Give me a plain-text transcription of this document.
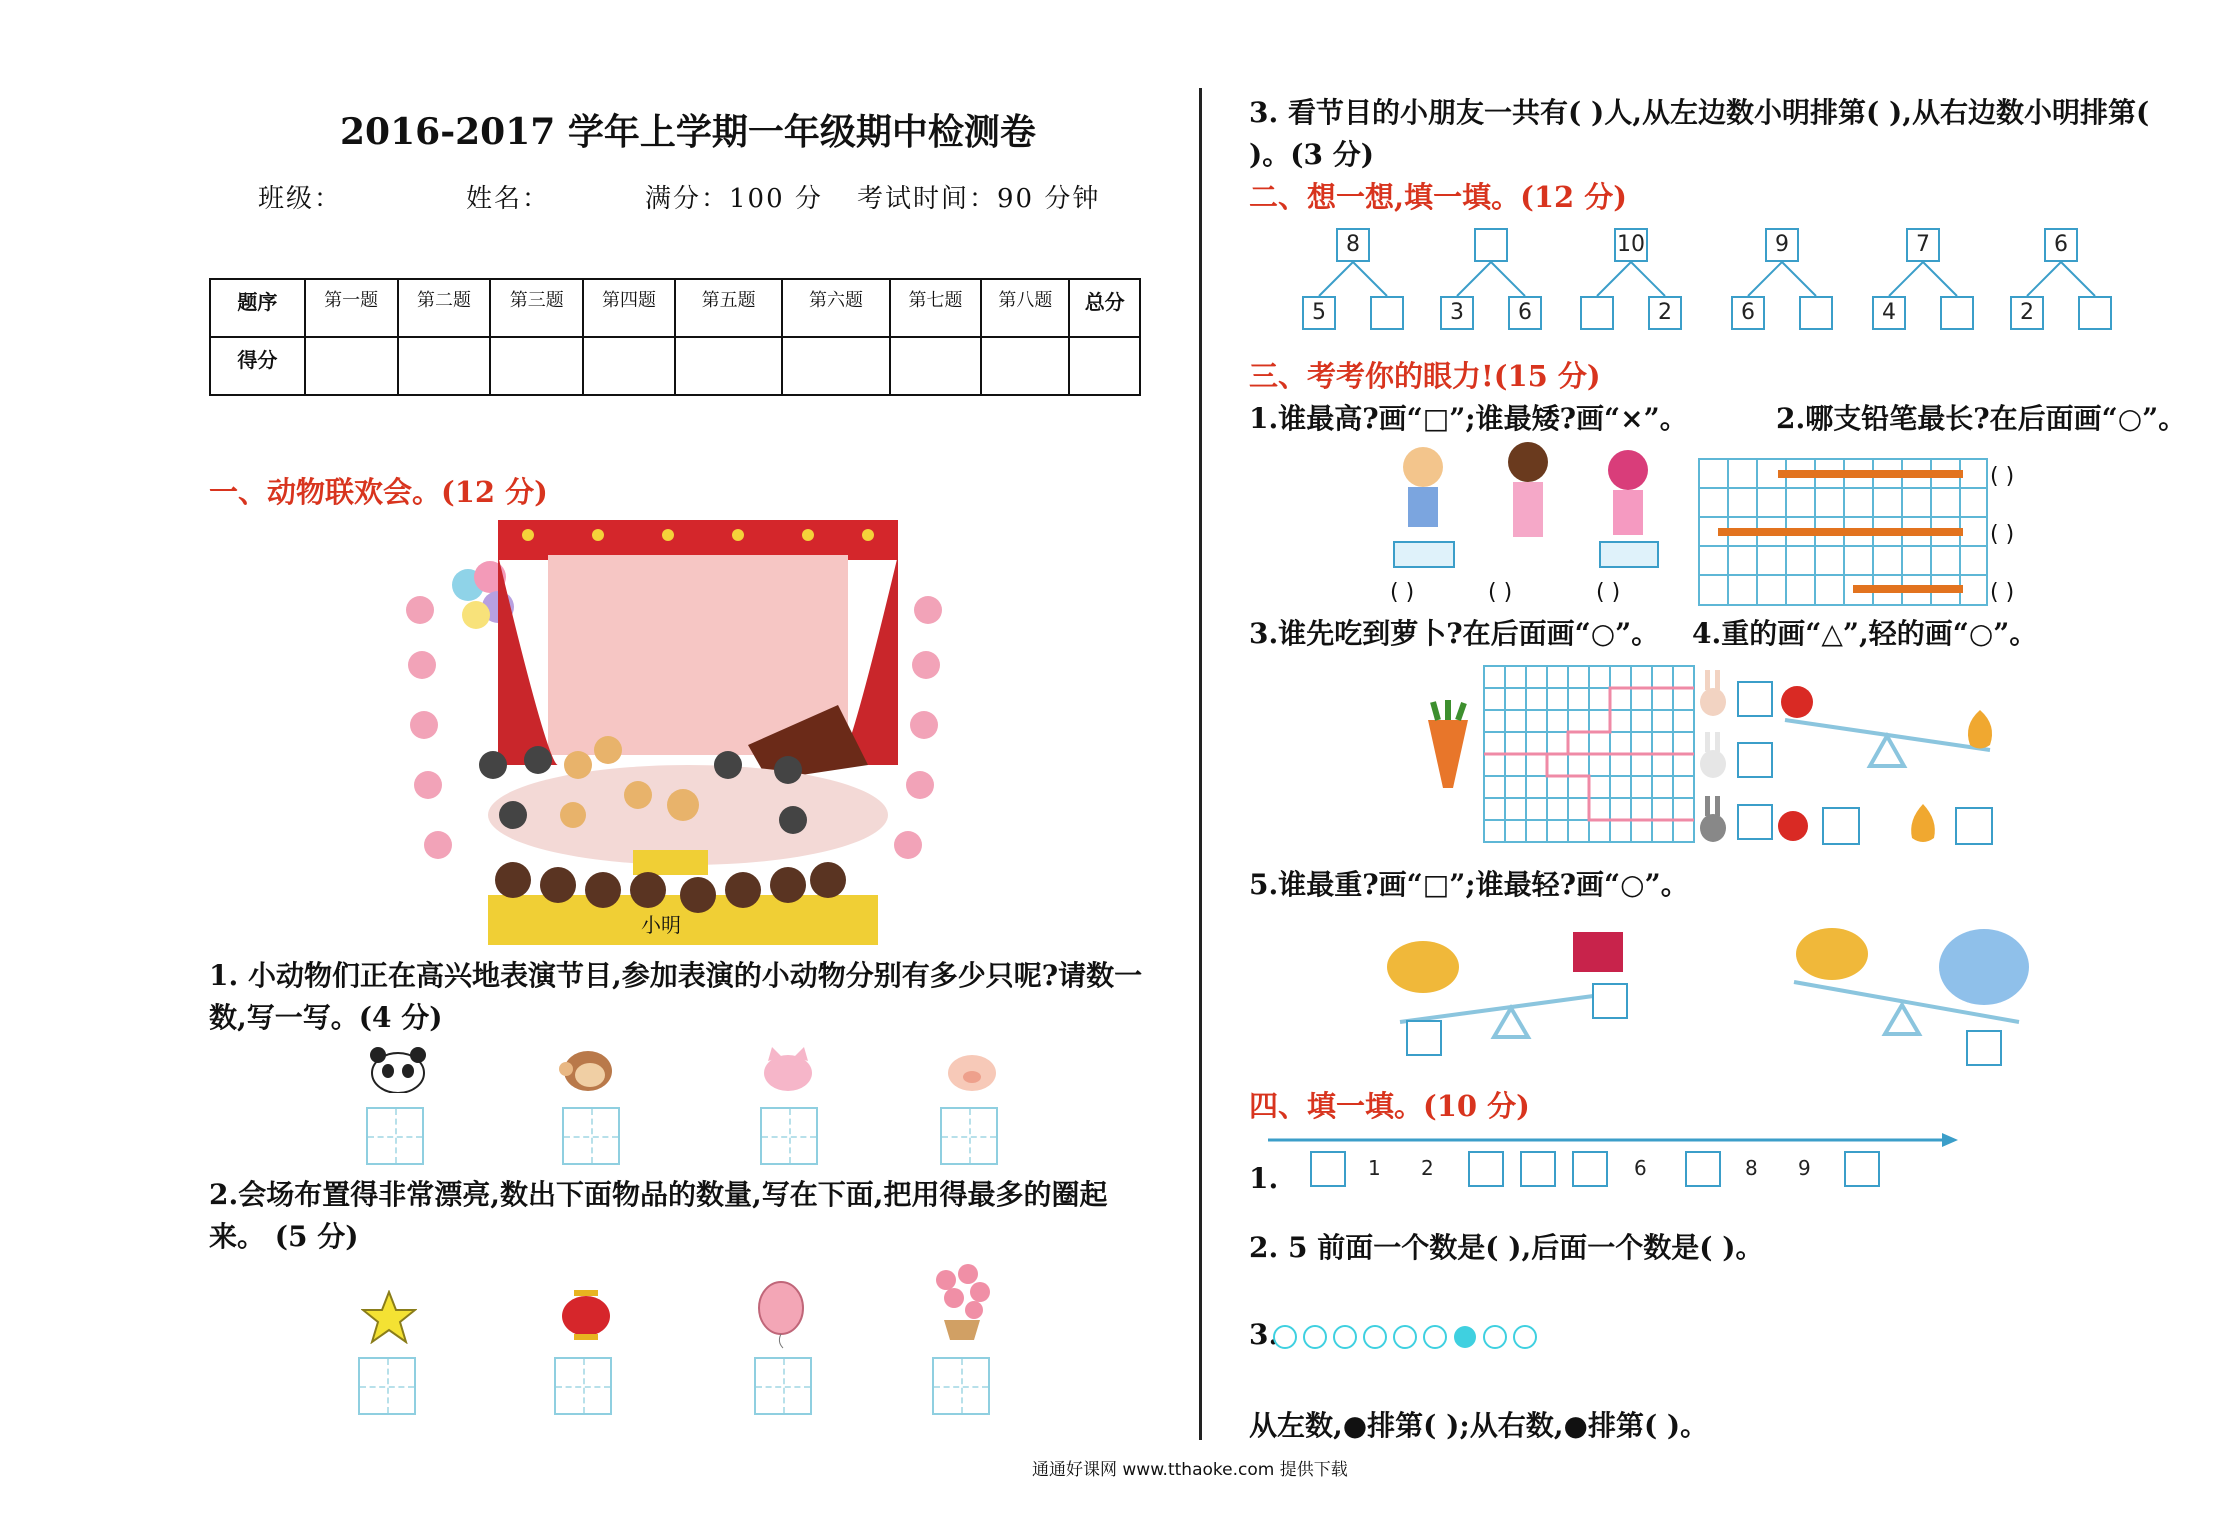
2016-2017 学年上学期一年级期中检测卷
班级：	姓名：	满分：100 分 考试时间：90 分钟
题序	第一题	第二题	第三题	第四题	第五题	第六题	第七题	第八题	总分
得分									
一、动物联欢会。(12 分)
小明
1. 小动物们正在高兴地表演节目,参加表演的小动物分别有多少只呢?请数一数,写一写。(4 分)
2.会场布置得非常漂亮,数出下面物品的数量,写在下面,把用得最多的圈起来。 (5 分)
3. 看节目的小朋友一共有( )人,从左边数小明排第( ),从右边数小明排第( )。(3 分)
二、想一想,填一填。(12 分)
8
5	3	6
10
2
9
6
7
4
6
2
三、考考你的眼力!(15 分)
1.谁最高?画“□”;谁最矮?画“×”。	2.哪支铅笔最长?在后面画“○”。
( )	( )	( )
( )
( )
( )
3.谁先吃到萝卜?在后面画“○”。 4.重的画“△”,轻的画“○”。
5.谁最重?画“□”;谁最轻?画“○”。
四、填一填。(10 分)
1.	1 2	6	8 9
2. 5 前面一个数是( ),后面一个数是( )。
3.
从左数,●排第( );从右数,●排第( )。
通通好课网 www.tthaoke.com 提供下载
